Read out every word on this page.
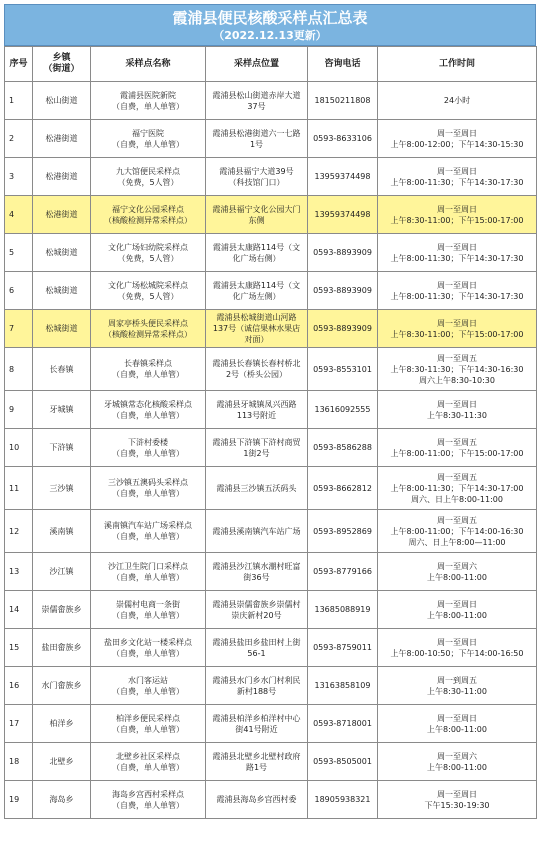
霞浦县便民核酸采样点汇总表
（2022.12.13更新）
序号	乡镇
（街道）	采样点名称	采样点位置	咨询电话	工作时间
1	松山街道	霞浦县医院新院
（自费，单人单管）	霞浦县松山街道赤岸大道
37号	18150211808	24小时
2	松港街道	福宁医院
（自费，单人单管）	霞浦县松港街道六一七路
1号	0593-8633106	周一至周日
上午8:00-12:00；下午14:30-15:30
3	松港街道	九大馆便民采样点
（免费，5人管）	霞浦县福宁大道39号
（科技馆门口）	13959374498	周一至周日
上午8:00-11:30；下午14:30-17:30
4	松港街道	福宁文化公园采样点
（核酸检测异常采样点）	霞浦县福宁文化公园大门
东侧	13959374498	周一至周日
上午8:30-11:00；下午15:00-17:00
5	松城街道	文化广场妇幼院采样点
（免费，5人管）	霞浦县太康路114号（文
化广场右侧）	0593-8893909	周一至周日
上午8:00-11:30；下午14:30-17:30
6	松城街道	文化广场松城院采样点
（免费，5人管）	霞浦县太康路114号（文
化广场左侧）	0593-8893909	周一至周日
上午8:00-11:30；下午14:30-17:30
7	松城街道	周家亭桥头便民采样点
（核酸检测异常采样点）	霞浦县松城街道山河路
137号（诚信果林水果店
对面）	0593-8893909	周一至周日
上午8:30-11:00；下午15:00-17:00
8	长春镇	长春镇采样点
（自费，单人单管）	霞浦县长春镇长春村桥北
2号（桥头公园）	0593-8553101	周一至周五
上午8:30-11:30；下午14:30-16:30
周六上午8:30-10:30
9	牙城镇	牙城镇常态化核酸采样点
（自费，单人单管）	霞浦县牙城镇凤兴西路
113号附近	13616092555	周一至周日
上午8:30-11:30
10	下浒镇	下浒村委楼
（自费，单人单管）	霞浦县下浒镇下浒村商贸
1街2号	0593-8586288	周一至周五
上午8:00-11:00；下午15:00-17:00
11	三沙镇	三沙镇五澳码头采样点
（自费，单人单管）	霞浦县三沙镇五沃码头	0593-8662812	周一至周五
上午8:00-11:30；下午14:30-17:00
周六、日上午8:00-11:00
12	溪南镇	溪南镇汽车站广场采样点
（自费，单人单管）	霞浦县溪南镇汽车站广场	0593-8952869	周一至周五
上午8:00-11:00；下午14:00-16:30
周六、日上午8:00—11:00
13	沙江镇	沙江卫生院门口采样点
（自费，单人单管）	霞浦县沙江镇水潮村旺富
街36号	0593-8779166	周一至周六
上午8:00-11:00
14	崇儒畲族乡	崇儒村电商一条街
（自费，单人单管）	霞浦县崇儒畲族乡崇儒村
崇庆新村20号	13685088919	周一至周日
上午8:00-11:00
15	盐田畲族乡	盐田乡文化站一楼采样点
（自费，单人单管）	霞浦县盐田乡盐田村上街
56-1	0593-8759011	周一至周日
上午8:00-10:50；下午14:00-16:50
16	水门畲族乡	水门客运站
（自费，单人单管）	霞浦县水门乡水门村利民
新村188号	13163858109	周一到周五
上午8:30-11:00
17	柏洋乡	柏洋乡便民采样点
（自费，单人单管）	霞浦县柏洋乡柏洋村中心
街41号附近	0593-8718001	周一至周日
上午8:00-11:00
18	北壁乡	北壁乡社区采样点
（自费，单人单管）	霞浦县北壁乡北壁村政府
路1号	0593-8505001	周一至周六
上午8:00-11:00
19	海岛乡	海岛乡宫西村采样点
（自费，单人单管）	霞浦县海岛乡宫西村委	18905938321	周一至周日
下午15:30-19:30
